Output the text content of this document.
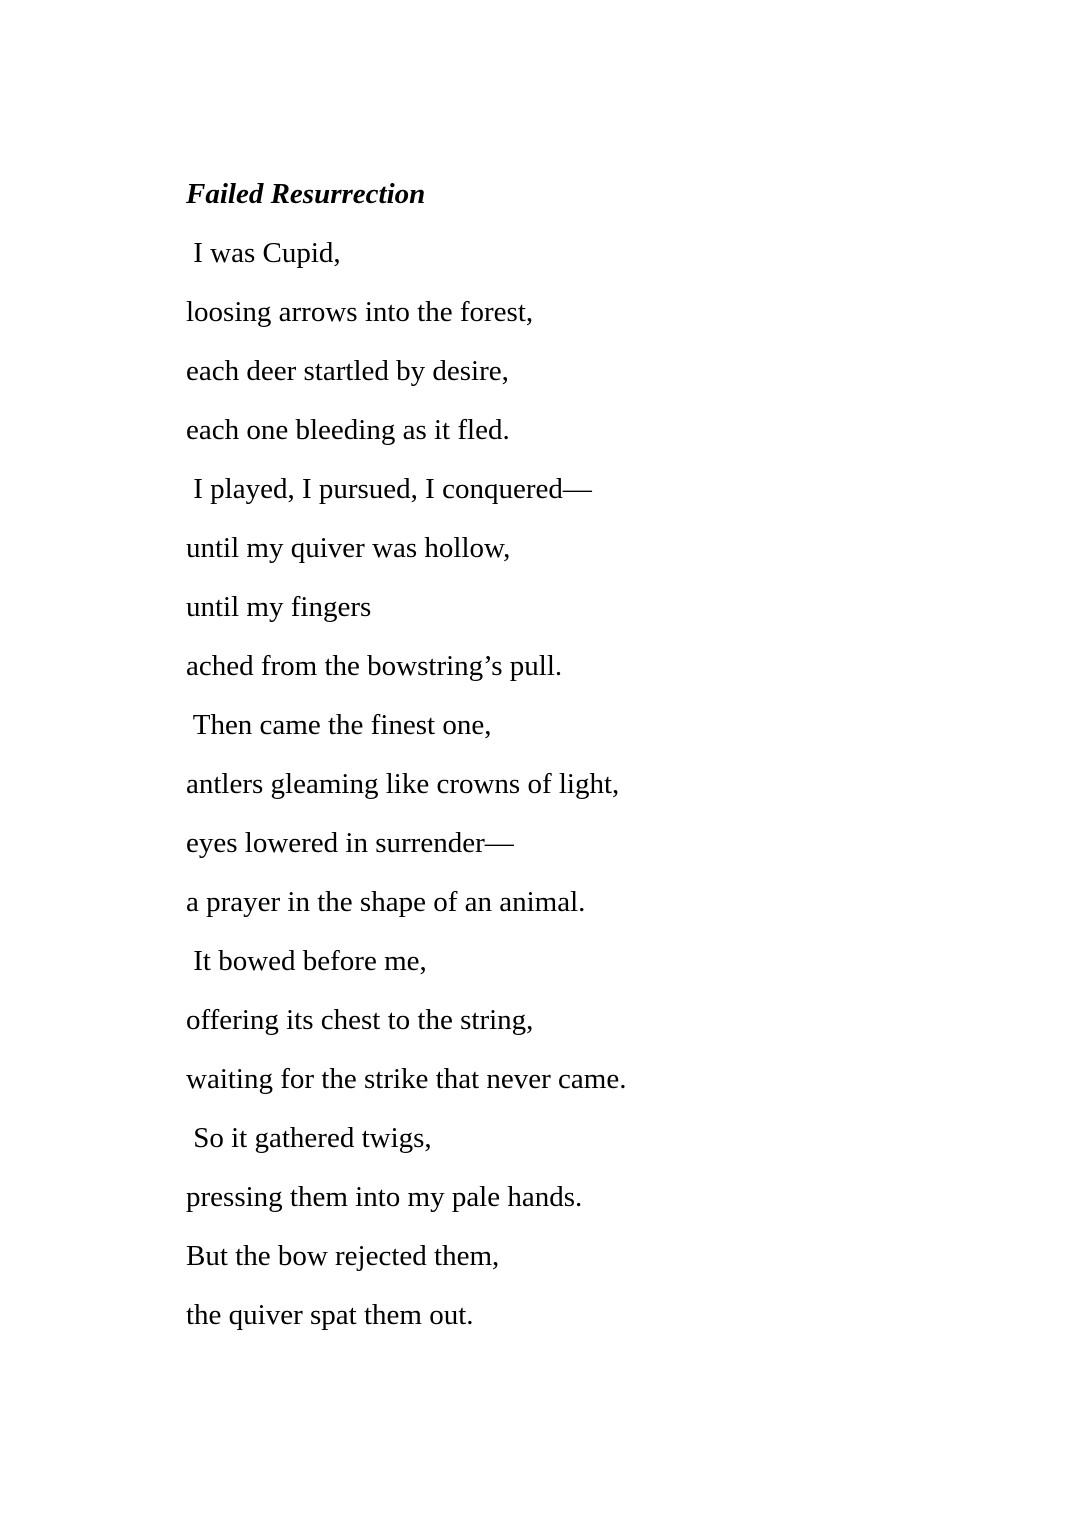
Failed Resurrection
I was Cupid,
loosing arrows into the forest,
each deer startled by desire,
each one bleeding as it fled.
I played, I pursued, I conquered—
until my quiver was hollow,
until my fingers
ached from the bowstring’s pull.
Then came the finest one,
antlers gleaming like crowns of light,
eyes lowered in surrender—
a prayer in the shape of an animal.
It bowed before me,
offering its chest to the string,
waiting for the strike that never came.
So it gathered twigs,
pressing them into my pale hands.
But the bow rejected them,
the quiver spat them out.
